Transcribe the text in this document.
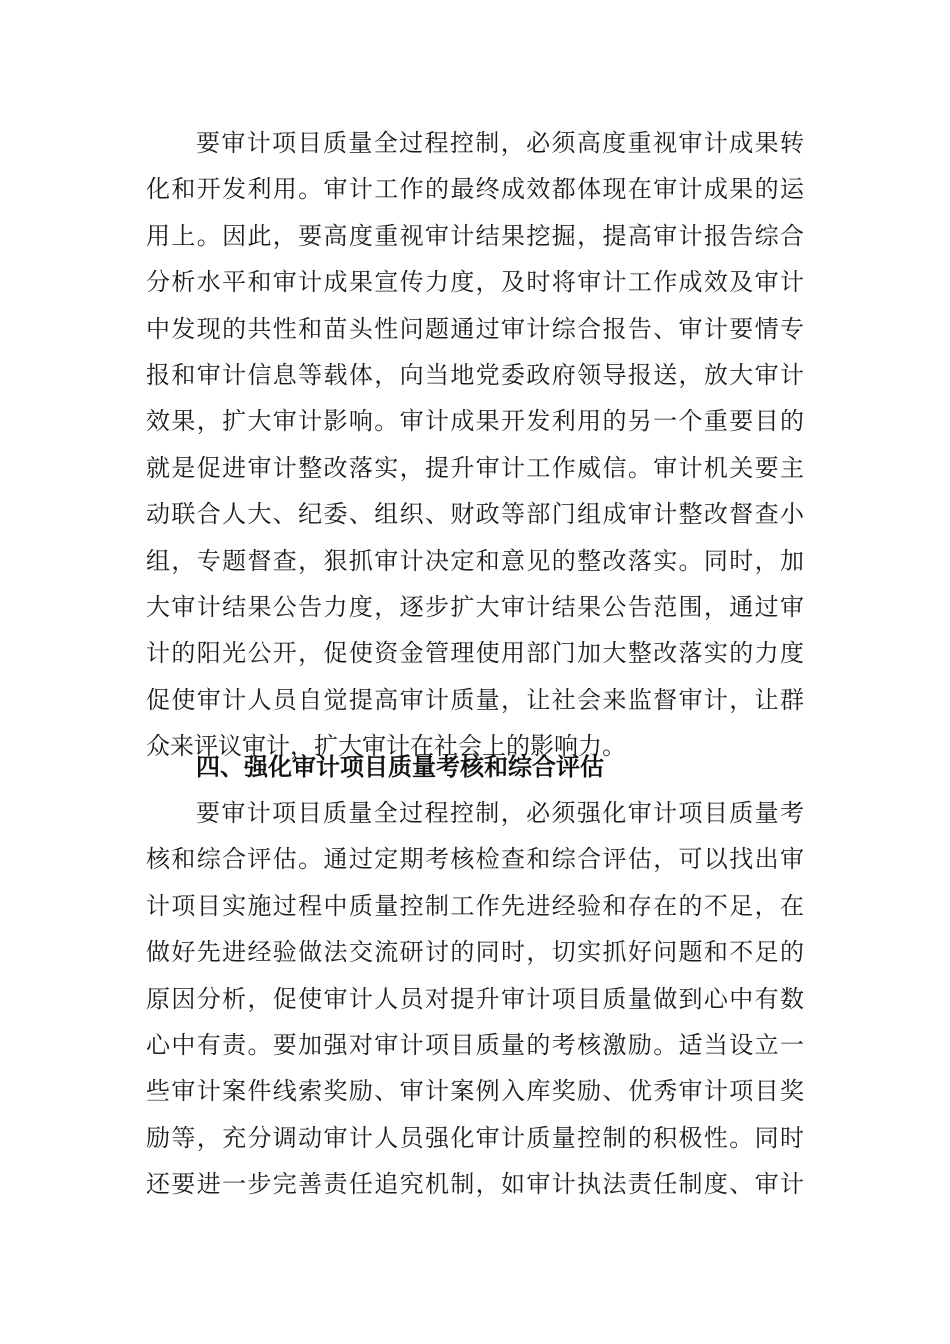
要审计项目质量全过程控制，必须高度重视审计成果转
化和开发利用。审计工作的最终成效都体现在审计成果的运
用上。因此，要高度重视审计结果挖掘，提高审计报告综合
分析水平和审计成果宣传力度，及时将审计工作成效及审计
中发现的共性和苗头性问题通过审计综合报告、审计要情专
报和审计信息等载体，向当地党委政府领导报送，放大审计
效果，扩大审计影响。审计成果开发利用的另一个重要目的
就是促进审计整改落实，提升审计工作威信。审计机关要主
动联合人大、纪委、组织、财政等部门组成审计整改督查小
组，专题督查，狠抓审计决定和意见的整改落实。同时，加
大审计结果公告力度，逐步扩大审计结果公告范围，通过审
计的阳光公开，促使资金管理使用部门加大整改落实的力度
促使审计人员自觉提高审计质量，让社会来监督审计，让群
众来评议审计，扩大审计在社会上的影响力。
四、强化审计项目质量考核和综合评估
要审计项目质量全过程控制，必须强化审计项目质量考
核和综合评估。通过定期考核检查和综合评估，可以找出审
计项目实施过程中质量控制工作先进经验和存在的不足，在
做好先进经验做法交流研讨的同时，切实抓好问题和不足的
原因分析，促使审计人员对提升审计项目质量做到心中有数
心中有责。要加强对审计项目质量的考核激励。适当设立一
些审计案件线索奖励、审计案例入库奖励、优秀审计项目奖
励等，充分调动审计人员强化审计质量控制的积极性。同时
还要进一步完善责任追究机制，如审计执法责任制度、审计
